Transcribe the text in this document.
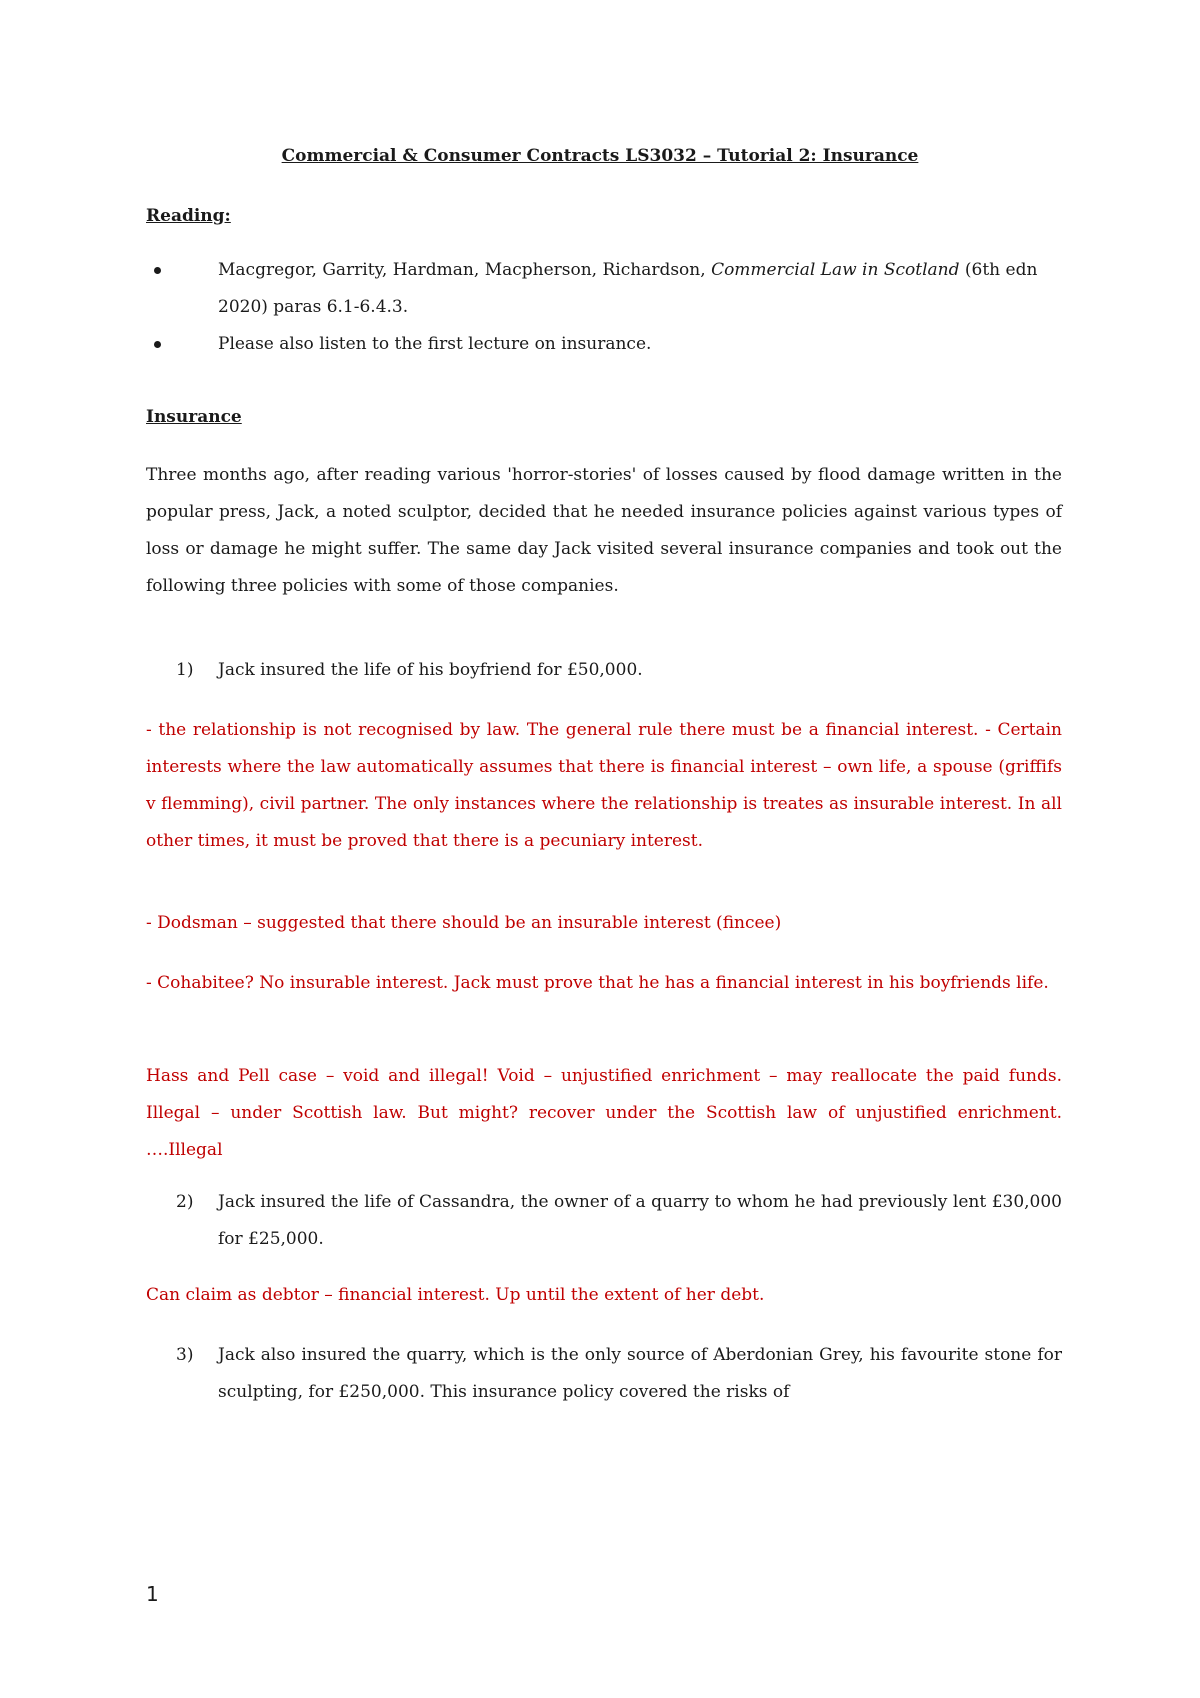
Commercial & Consumer Contracts LS3032 – Tutorial 2: Insurance
Reading:
Macgregor, Garrity, Hardman, Macpherson, Richardson, Commercial Law in Scotland (6th edn 2020) paras 6.1-6.4.3.
Please also listen to the first lecture on insurance.
Insurance

Three months ago, after reading various 'horror-stories' of losses caused by flood damage written in the popular press, Jack, a noted sculptor, decided that he needed insurance policies against various types of loss or damage he might suffer. The same day Jack visited several insurance companies and took out the following three policies with some of those companies.

1) Jack insured the life of his boyfriend for £50,000.

- the relationship is not recognised by law. The general rule there must be a financial interest. - Certain interests where the law automatically assumes that there is financial interest – own life, a spouse (griffifs v flemming), civil partner. The only instances where the relationship is treates as insurable interest. In all other times, it must be proved that there is a pecuniary interest.

- Dodsman – suggested that there should be an insurable interest (fincee)

- Cohabitee? No insurable interest. Jack must prove that he has a financial interest in his boyfriends life.

Hass and Pell case – void and illegal! Void – unjustified enrichment – may reallocate the paid funds. Illegal – under Scottish law. But might? recover under the Scottish law of unjustified enrichment. ….Illegal

2) Jack insured the life of Cassandra, the owner of a quarry to whom he had previously lent £30,000 for £25,000.

Can claim as debtor – financial interest. Up until the extent of her debt.

3) Jack also insured the quarry, which is the only source of Aberdonian Grey, his favourite stone for sculpting, for £250,000. This insurance policy covered the risks of
1
